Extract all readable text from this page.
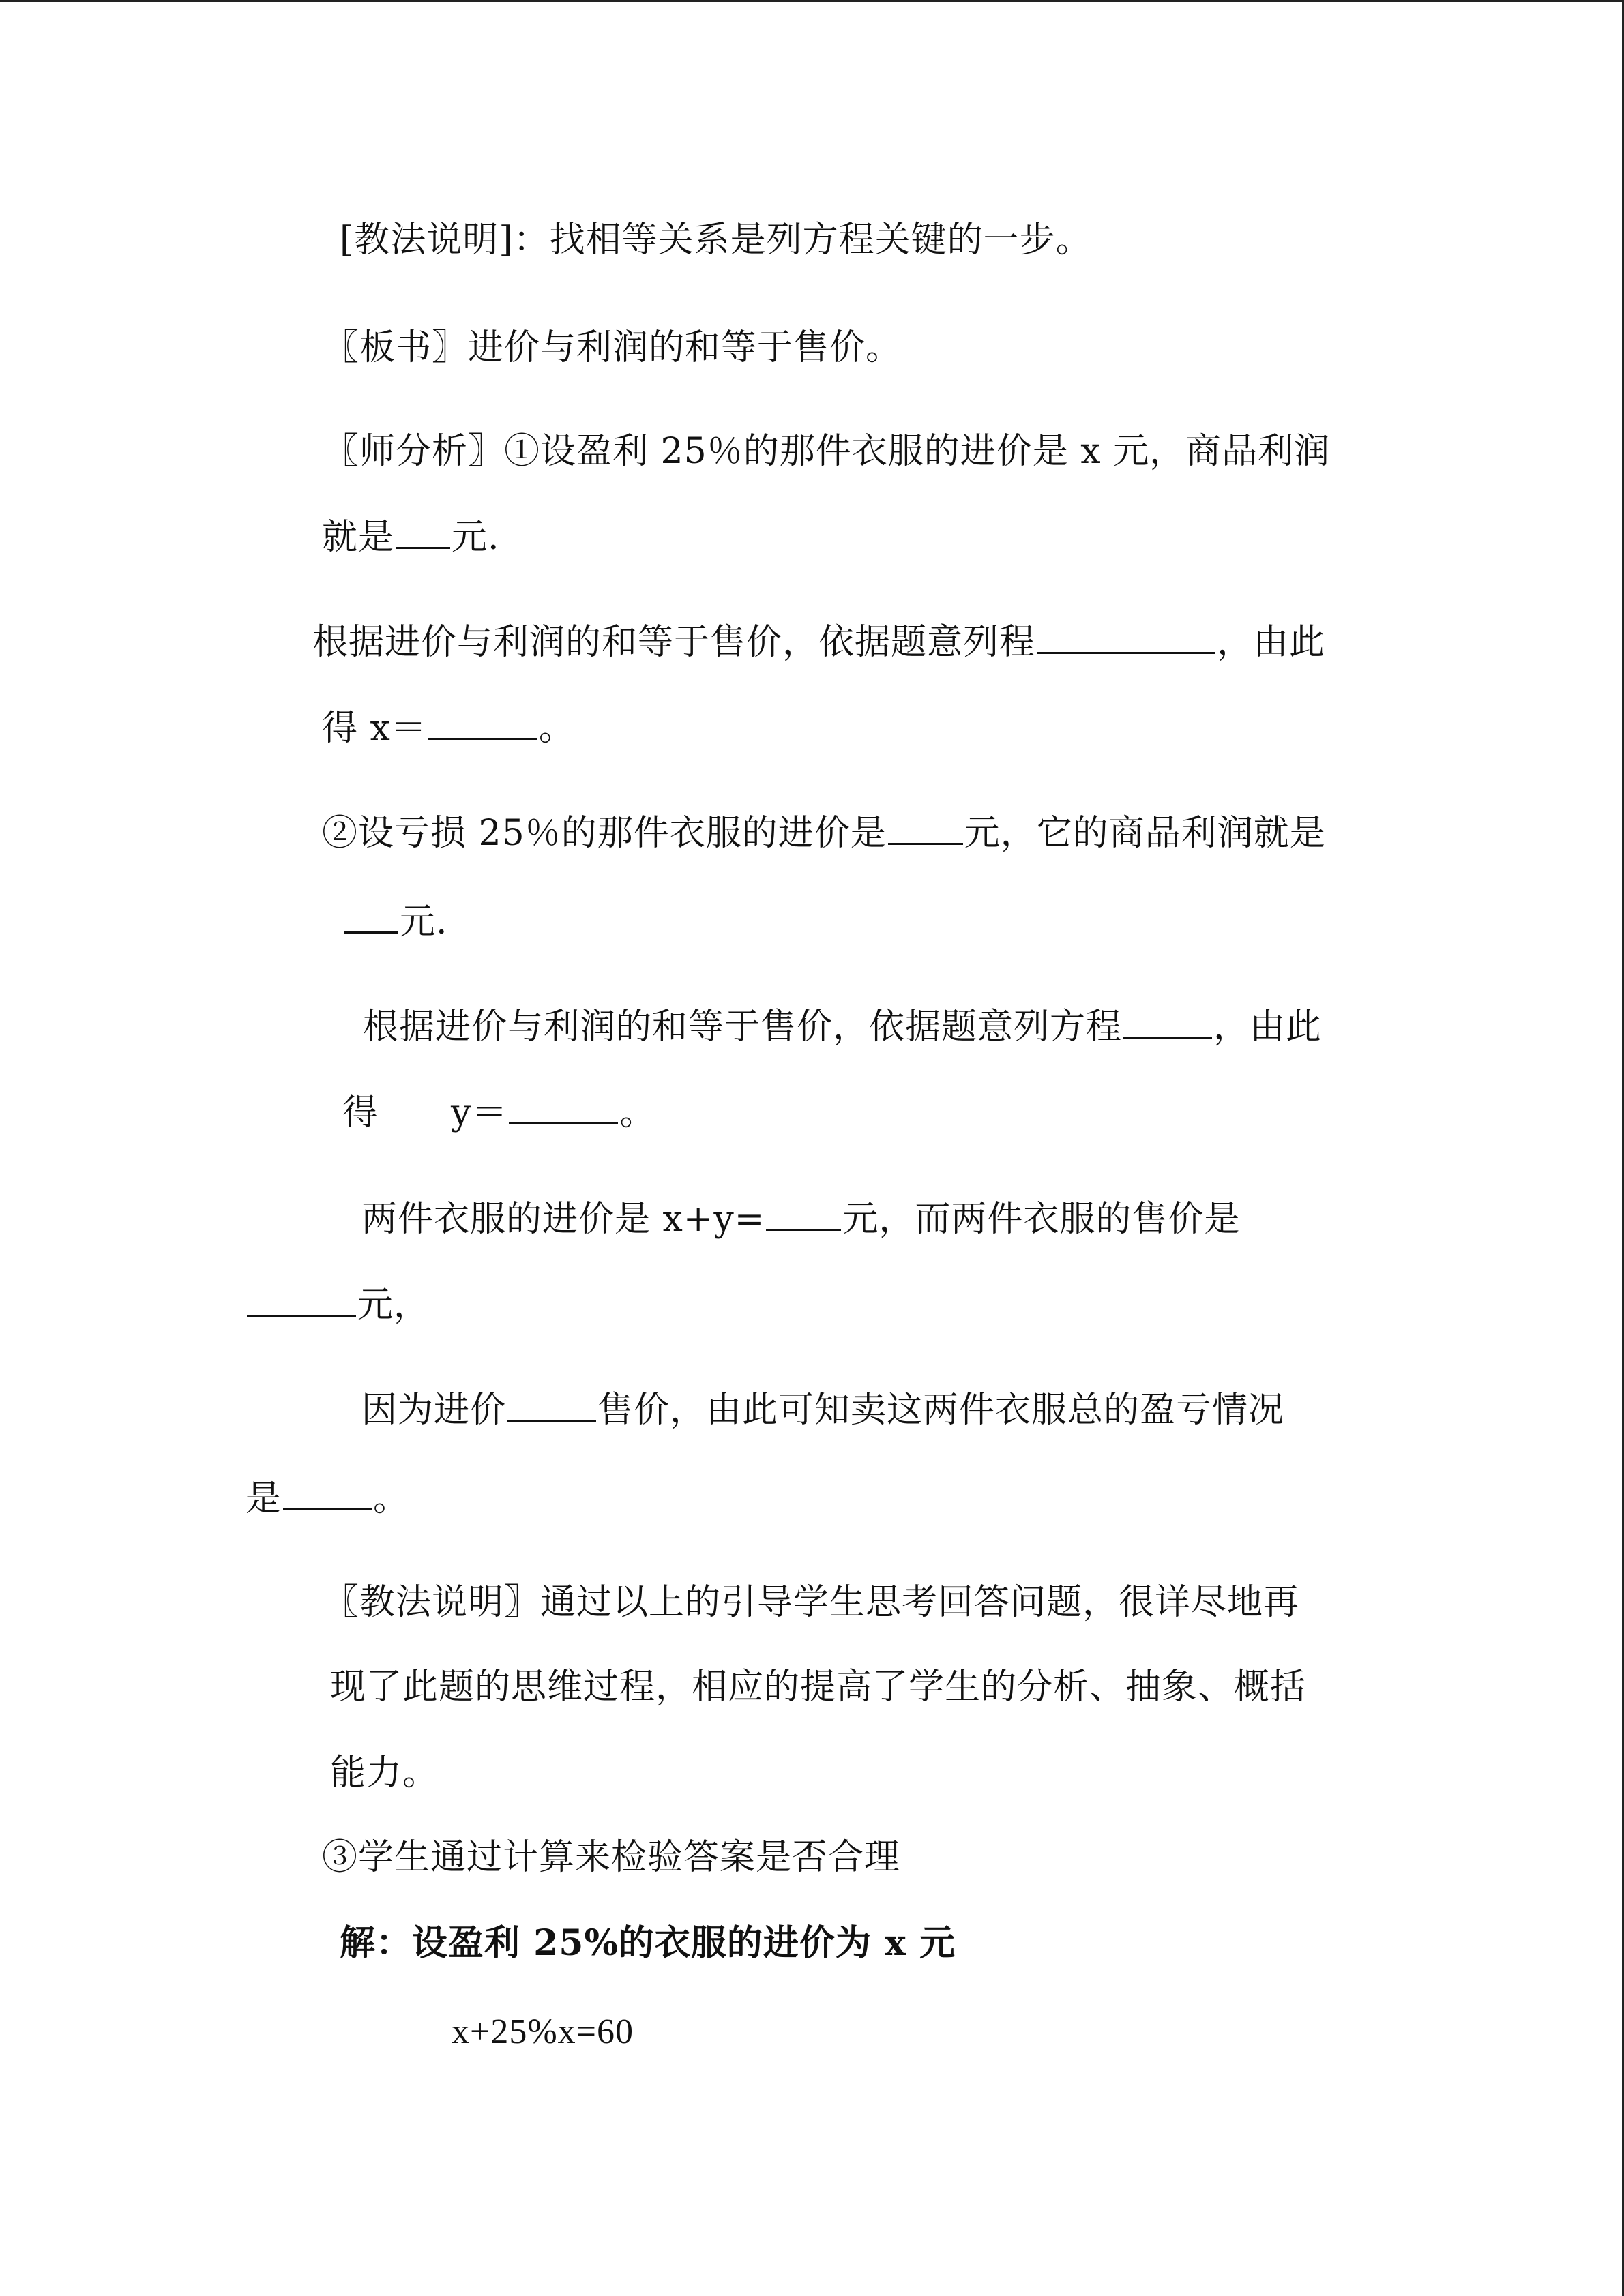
[教法说明]：找相等关系是列方程关键的一步。
〖板书〗进价与利润的和等于售价。
〖师分析〗①设盈利 25％的那件衣服的进价是 x 元，商品利润
就是 元.
根据进价与利润的和等于售价，依据题意列程	，由此
得 x＝	。
②设亏损 25％的那件衣服的进价是 元，它的商品利润就是
元.
根据进价与利润的和等于售价，依据题意列方程	，由此
得　　y＝	。
两件衣服的进价是 x+y= 元，而两件衣服的售价是
元，
因为进价	售价，由此可知卖这两件衣服总的盈亏情况
是	。
〖教法说明〗通过以上的引导学生思考回答问题，很详尽地再
现了此题的思维过程，相应的提高了学生的分析、抽象、概括
能力。
③学生通过计算来检验答案是否合理
解：设盈利 25%的衣服的进价为 x 元
x+25%x=60
